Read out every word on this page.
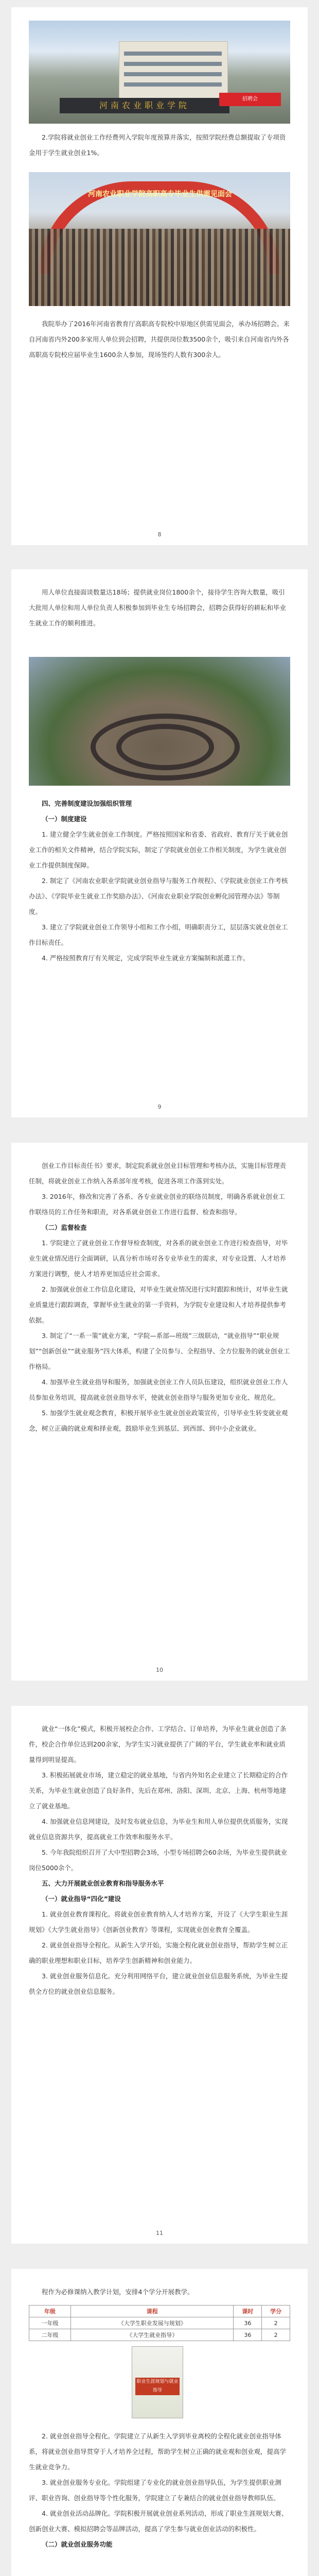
河南农业职业学院
招聘会

2.学院将就业创业工作经费列入学院年度预算并落实，按照学院经费总额提取了专项资金用于学生就业创业1%。

河南农业职业学院高职高专毕业生供需见面会

我院举办了2016年河南省教育厅高职高专院校中原地区供需见面会，承办场招聘会。来自河南省内外200多家用人单位到会招聘，共提供岗位数3500余个，吸引来自河南省内外各高职高专院校应届毕业生1600余人参加，现场签约人数有300余人。

8

用人单位直接面谈数量达18场；提供就业岗位1800余个，接待学生咨询大数量，吸引大批用人单位和用人单位负责人积极参加到毕业生专场招聘会，招聘会获得好的耕耘和毕业生就业工作的顺利推进。

四、完善制度建设加强组织管理
（一）制度建设

1. 建立健全学生就业创业工作制度。严格按照国家和省委、省政府、教育厅关于就业创业工作的相关文件精神，结合学院实际，制定了学院就业创业工作相关制度，为学生就业创业工作提供制度保障。

2. 制定了《河南农业职业学院就业创业指导与服务工作规程》、《学院就业创业工作考核办法》、《学院毕业生就业工作奖励办法》、《河南农业职业学院创业孵化园管理办法》等制度。

3. 建立了学院就业创业工作领导小组和工作小组，明确职责分工，层层落实就业创业工作目标责任。

4. 严格按照教育厅有关规定，完成学院毕业生就业方案编制和派遣工作。

9

创业工作目标责任书》要求，制定院系就业创业目标管理和考核办法，实施目标管理责任制，将就业创业工作纳入各系部年度考核，促进各项工作落到实处。

3. 2016年，修改和完善了各系、各专业就业创业的联络员制度，明确各系就业创业工作联络员的工作任务和职责，对各系就业创业工作进行监督、检查和指导。

（二）监督检查

1. 学院建立了就业创业工作督导检查制度，对各系的就业创业工作进行检查指导，对毕业生就业情况进行全面调研，认真分析市场对各专业毕业生的需求，对专业设置、人才培养方案进行调整，使人才培养更加适应社会需求。

2. 加强就业创业工作信息化建设，对毕业生就业情况进行实时跟踪和统计，对毕业生就业质量进行跟踪调查，掌握毕业生就业的第一手资料，为学院专业建设和人才培养提供参考依据。

3. 制定了“一系一策”就业方案，“学院—系部—班级”三级联动，“就业指导”“职业规划”“创新创业”“就业服务”四大体系，构建了全员参与、全程指导、全方位服务的就业创业工作格局。

4. 加强毕业生就业指导和服务，加强就业创业工作人员队伍建设，组织就业创业工作人员参加业务培训，提高就业创业指导水平，使就业创业指导与服务更加专业化、规范化。

5. 加强学生就业观念教育，积极开展毕业生就业创业政策宣传，引导毕业生转变就业观念，树立正确的就业观和择业观，鼓励毕业生到基层、到西部、到中小企业就业。

10

就业“一体化”模式，积极开展校企合作、工学结合、订单培养，为毕业生就业创造了条件，校企合作单位达到200余家，为学生实习就业提供了广阔的平台，学生就业率和就业质量得到明显提高。

3. 积极拓展就业市场，建立稳定的就业基地，与省内外知名企业建立了长期稳定的合作关系，为毕业生就业创造了良好条件，先后在郑州、洛阳、深圳、北京、上海、杭州等地建立了就业基地。

4. 加强就业信息网建设，及时发布就业信息，为毕业生和用人单位提供优质服务，实现就业信息资源共享，提高就业工作效率和服务水平。

5. 今年我院组织召开了大中型招聘会3场，小型专场招聘会60余场，为毕业生提供就业岗位5000余个。

五、大力开展就业创业教育和指导服务水平
（一）就业指导“四化”建设

1. 就业创业教育课程化。将就业创业教育纳入人才培养方案，开设了《大学生职业生涯规划》《大学生就业指导》《创新创业教育》等课程，实现就业创业教育全覆盖。

2. 就业创业指导全程化。从新生入学开始，实施全程化就业创业指导，帮助学生树立正确的职业理想和职业目标，培养学生创新精神和创业能力。

3. 就业创业服务信息化。充分利用网络平台，建立就业创业信息服务系统，为毕业生提供全方位的就业创业信息服务。

11

程作为必修课纳入教学计划，安排4个学分开展教学。

年级	课程	课时	学分
一年级	《大学生职业发展与规划》	36	2
二年级	《大学生就业指导》	36	2
职业生涯规划与就业指导

2. 就业创业指导全程化。学院建立了从新生入学到毕业离校的全程化就业创业指导体系，将就业创业指导贯穿于人才培养全过程，帮助学生树立正确的就业观和创业观，提高学生就业竞争力。

3. 就业创业服务专业化。学院组建了专业化的就业创业指导队伍，为学生提供职业测评、职业咨询、创业指导等个性化服务，学院建立了专兼结合的就业创业指导教师队伍。

4. 就业创业活动品牌化。学院积极开展就业创业系列活动，形成了职业生涯规划大赛、创新创业大赛、模拟招聘会等品牌活动，提高了学生参与就业创业活动的积极性。

（二）就业创业服务功能
